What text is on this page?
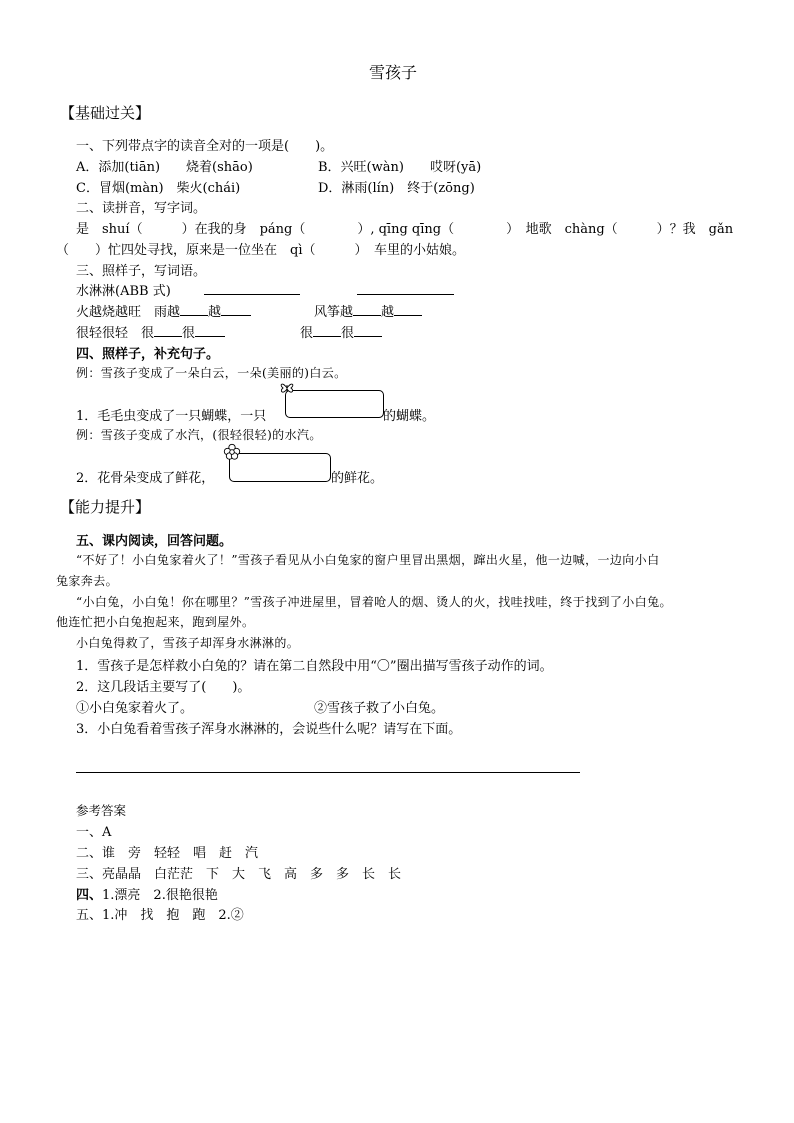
雪孩子
【基础过关】
一、下列带点字的读音全对的一项是(　　)。
A．添加(tiān)　　烧着(shāo)	B．兴旺(wàn)　　哎呀(yā)
C．冒烟(màn)　柴火(chái)	D．淋雨(lín)　终于(zōng)
二、读拼音，写字词。
是　shuí（　　　）在我的身　páng（　　　　）, qīng qīng（　　　　）　地歌　chàng（　　　）？我　gǎn
（　　）忙四处寻找，原来是一位坐在　qì（　　　）　车里的小姑娘。
三、照样子，写词语。
水淋淋(ABB 式)
火越烧越旺　雨越 越	风筝越 越
很轻很轻　很 很	很 很
四、照样子，补充句子。
例：雪孩子变成了一朵白云，一朵(美丽的)白云。
1．毛毛虫变成了一只蝴蝶，一只	的蝴蝶。
例：雪孩子变成了水汽，(很轻很轻)的水汽。
2．花骨朵变成了鲜花，	的鲜花。
【能力提升】
五、课内阅读，回答问题。
“不好了！小白兔家着火了！”雪孩子看见从小白兔家的窗户里冒出黑烟，蹿出火星，他一边喊，一边向小白
兔家奔去。
“小白兔，小白兔！你在哪里？”雪孩子冲进屋里，冒着呛人的烟、烫人的火，找哇找哇，终于找到了小白兔。
他连忙把小白兔抱起来，跑到屋外。
小白兔得救了，雪孩子却浑身水淋淋的。
1．雪孩子是怎样救小白兔的？请在第二自然段中用“〇”圈出描写雪孩子动作的词。
2．这几段话主要写了(　　)。
①小白兔家着火了。	②雪孩子救了小白兔。
3．小白兔看着雪孩子浑身水淋淋的，会说些什么呢？请写在下面。
参考答案
一、A
二、谁　旁　轻轻　唱　赶　汽
三、亮晶晶　白茫茫　下　大　飞　高　多　多　长　长
四、1.漂亮　2.很艳很艳
五、1.冲　找　抱　跑　2.②
